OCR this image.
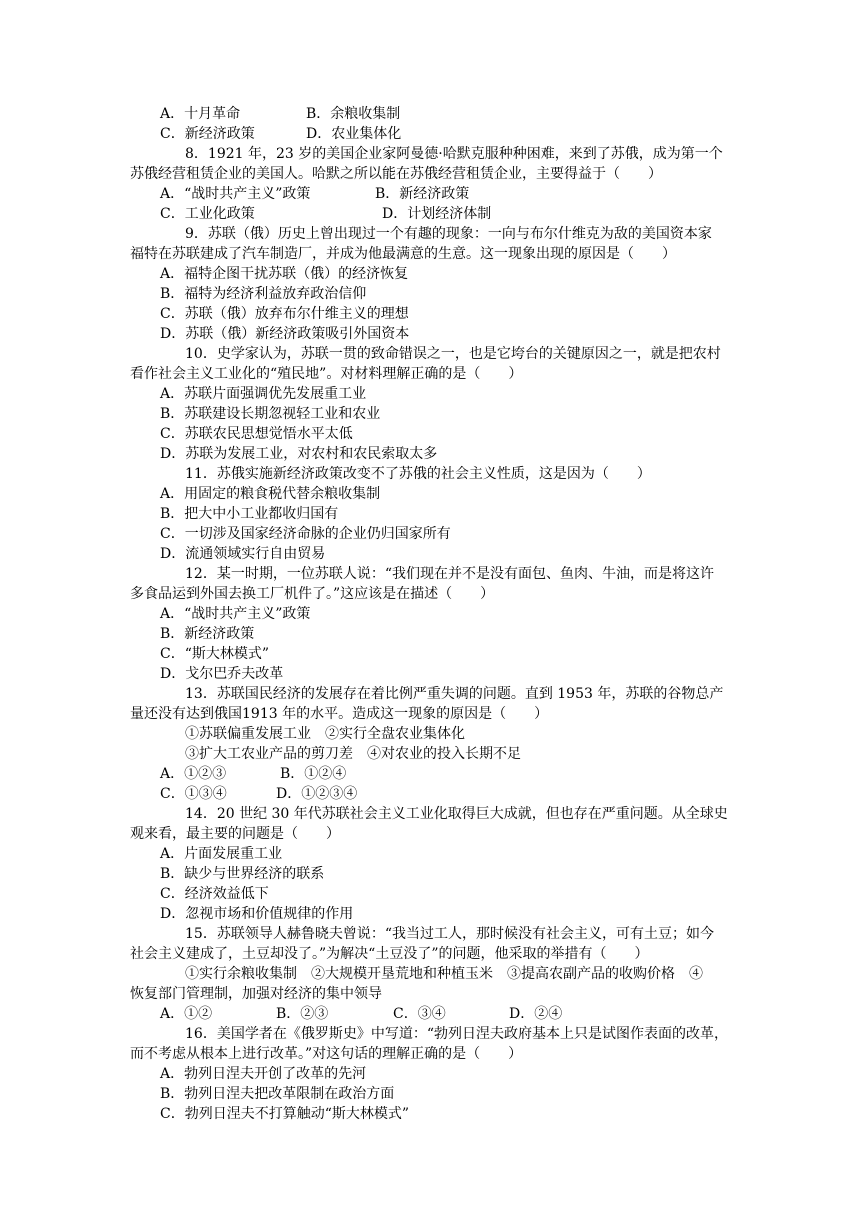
A．十月革命	B．余粮收集制
C．新经济政策	D．农业集体化
8．1921 年，23 岁的美国企业家阿曼德·哈默克服种种困难，来到了苏俄，成为第一个
苏俄经营租赁企业的美国人。哈默之所以能在苏俄经营租赁企业，主要得益于（　　）
A．“战时共产主义”政策	B．新经济政策
C．工业化政策	D．计划经济体制
9．苏联（俄）历史上曾出现过一个有趣的现象：一向与布尔什维克为敌的美国资本家
福特在苏联建成了汽车制造厂，并成为他最满意的生意。这一现象出现的原因是（　　）
A．福特企图干扰苏联（俄）的经济恢复
B．福特为经济利益放弃政治信仰
C．苏联（俄）放弃布尔什维主义的理想
D．苏联（俄）新经济政策吸引外国资本
10．史学家认为，苏联一贯的致命错误之一，也是它垮台的关键原因之一，就是把农村
看作社会主义工业化的“殖民地”。对材料理解正确的是（　　）
A．苏联片面强调优先发展重工业
B．苏联建设长期忽视轻工业和农业
C．苏联农民思想觉悟水平太低
D．苏联为发展工业，对农村和农民索取太多
11．苏俄实施新经济政策改变不了苏俄的社会主义性质，这是因为（　　）
A．用固定的粮食税代替余粮收集制
B．把大中小工业都收归国有
C．一切涉及国家经济命脉的企业仍归国家所有
D．流通领域实行自由贸易
12．某一时期，一位苏联人说：“我们现在并不是没有面包、鱼肉、牛油，而是将这许
多食品运到外国去换工厂机件了。”这应该是在描述（　　）
A．“战时共产主义”政策
B．新经济政策
C．“斯大林模式”
D．戈尔巴乔夫改革
13．苏联国民经济的发展存在着比例严重失调的问题。直到 1953 年，苏联的谷物总产
量还没有达到俄国1913 年的水平。造成这一现象的原因是（　　）
①苏联偏重发展工业　②实行全盘农业集体化
③扩大工农业产品的剪刀差　④对农业的投入长期不足
A．①②③	B．①②④
C．①③④	D．①②③④
14．20 世纪 30 年代苏联社会主义工业化取得巨大成就，但也存在严重问题。从全球史
观来看，最主要的问题是（　　）
A．片面发展重工业
B．缺少与世界经济的联系
C．经济效益低下
D．忽视市场和价值规律的作用
15．苏联领导人赫鲁晓夫曾说：“我当过工人，那时候没有社会主义，可有土豆；如今
社会主义建成了，土豆却没了。”为解决“土豆没了”的问题，他采取的举措有（　　）
①实行余粮收集制　②大规模开垦荒地和种植玉米　③提高农副产品的收购价格　④
恢复部门管理制，加强对经济的集中领导
A．①②	B．②③	C．③④	D．②④
16．美国学者在《俄罗斯史》中写道：“勃列日涅夫政府基本上只是试图作表面的改革，
而不考虑从根本上进行改革。”对这句话的理解正确的是（　　）
A．勃列日涅夫开创了改革的先河
B．勃列日涅夫把改革限制在政治方面
C．勃列日涅夫不打算触动“斯大林模式”
